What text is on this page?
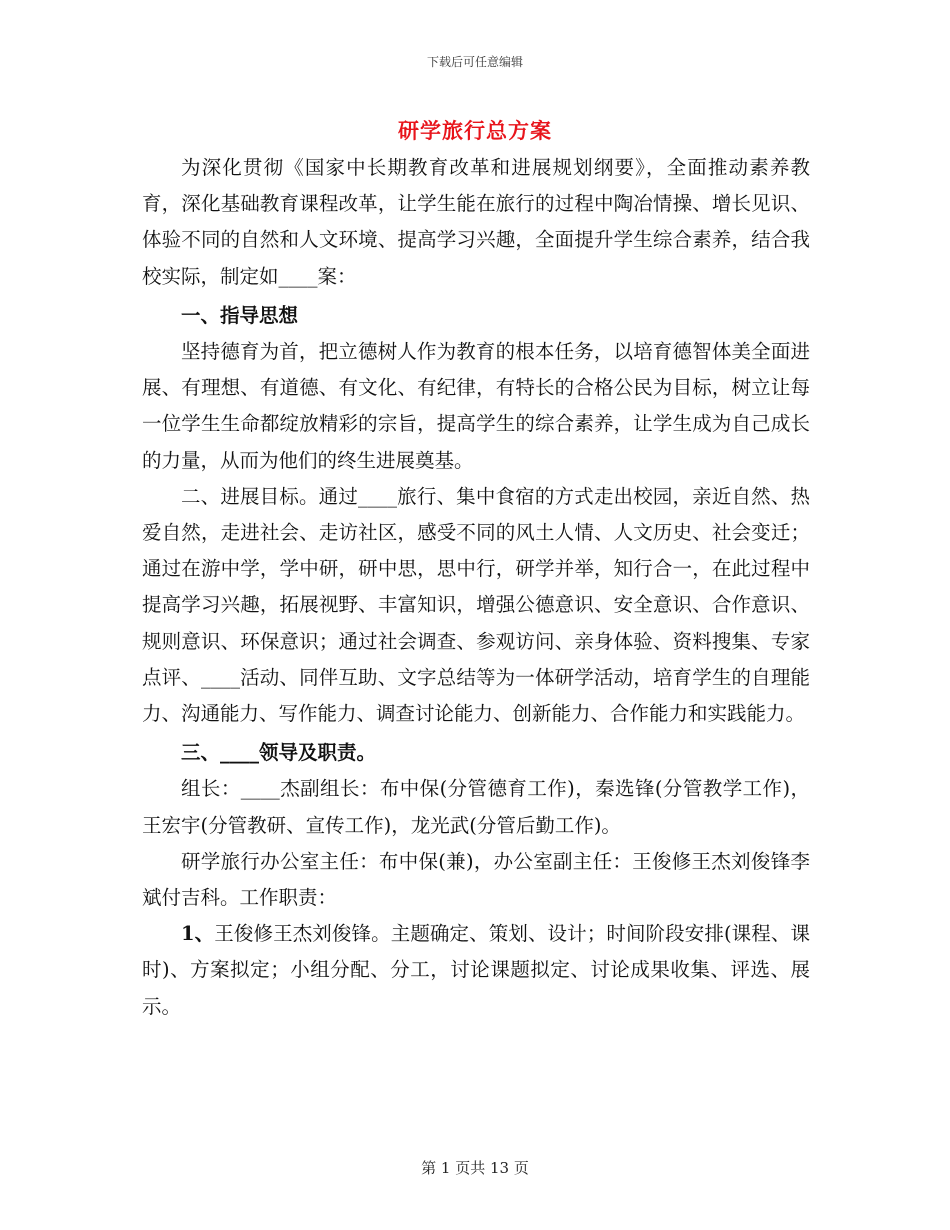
下载后可任意编辑
研学旅行总方案

为深化贯彻《国家中长期教育改革和进展规划纲要》，全面推动素养教育，深化基础教育课程改革，让学生能在旅行的过程中陶冶情操、增长见识、体验不同的自然和人文环境、提高学习兴趣，全面提升学生综合素养，结合我校实际，制定如____案：

一、指导思想

坚持德育为首，把立德树人作为教育的根本任务，以培育德智体美全面进展、有理想、有道德、有文化、有纪律，有特长的合格公民为目标，树立让每一位学生生命都绽放精彩的宗旨，提高学生的综合素养，让学生成为自己成长的力量，从而为他们的终生进展奠基。

二、进展目标。通过____旅行、集中食宿的方式走出校园，亲近自然、热爱自然，走进社会、走访社区，感受不同的风土人情、人文历史、社会变迁；通过在游中学，学中研，研中思，思中行，研学并举，知行合一，在此过程中提高学习兴趣，拓展视野、丰富知识，增强公德意识、安全意识、合作意识、规则意识、环保意识；通过社会调查、参观访问、亲身体验、资料搜集、专家点评、____活动、同伴互助、文字总结等为一体研学活动，培育学生的自理能力、沟通能力、写作能力、调查讨论能力、创新能力、合作能力和实践能力。

三、____领导及职责。

组长：____杰副组长：布中保(分管德育工作)，秦选锋(分管教学工作)，王宏宇(分管教研、宣传工作)，龙光武(分管后勤工作)。

研学旅行办公室主任：布中保(兼)，办公室副主任：王俊修王杰刘俊锋李斌付吉科。工作职责：

1、王俊修王杰刘俊锋。主题确定、策划、设计；时间阶段安排(课程、课时)、方案拟定；小组分配、分工，讨论课题拟定、讨论成果收集、评选、展示。

第 1 页共 13 页
